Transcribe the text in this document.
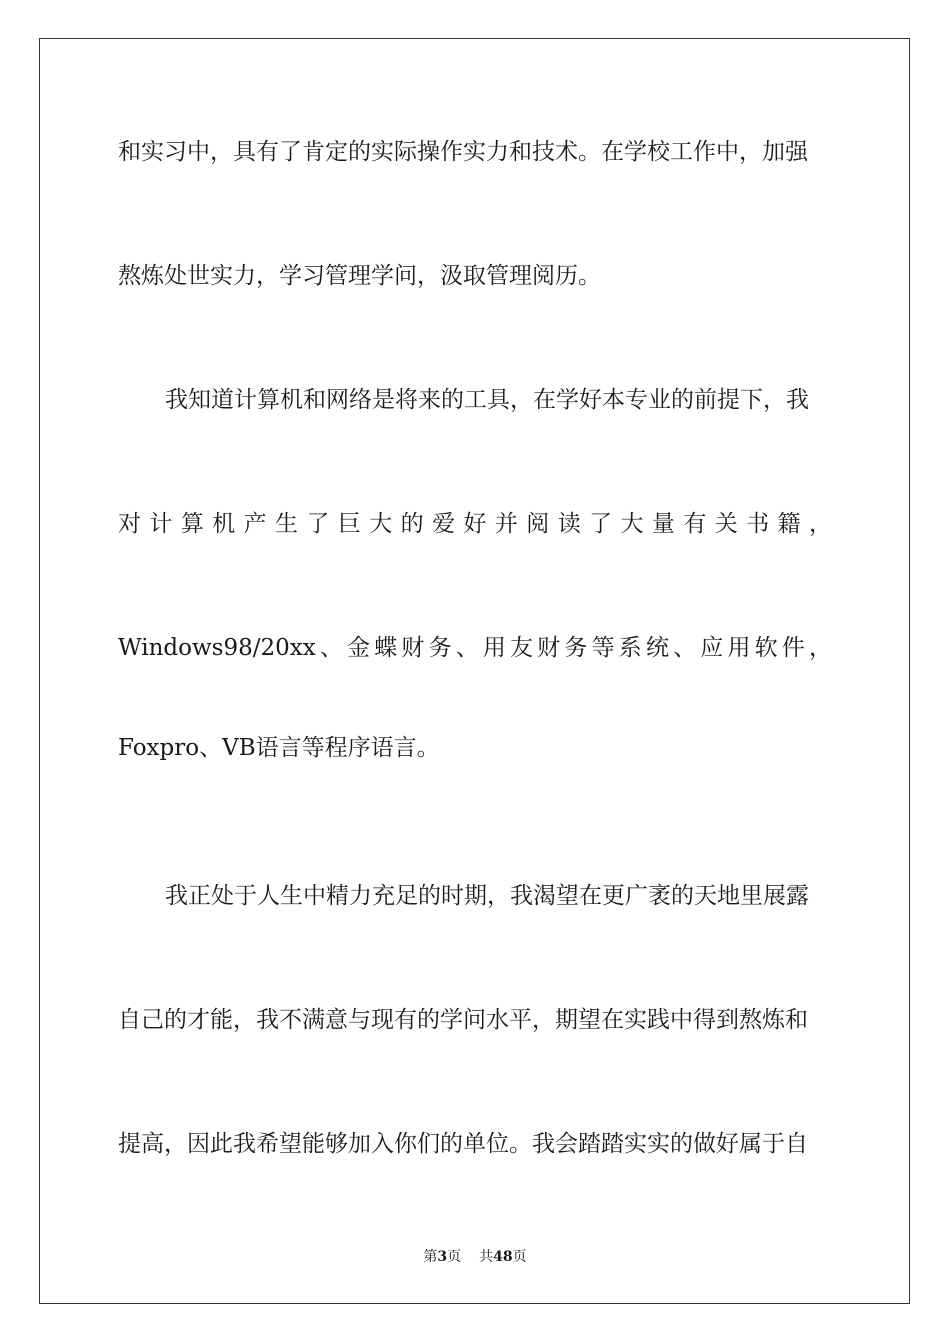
和实习中，具有了肯定的实际操作实力和技术。在学校工作中，加强
熬炼处世实力，学习管理学问，汲取管理阅历。
我知道计算机和网络是将来的工具，在学好本专业的前提下，我
对 计 算 机 产 生 了 巨 大 的 爱 好 并 阅 读 了 大 量 有 关 书 籍 ，
Windows98/20xx 、 金 蝶 财 务 、 用 友 财 务 等 系 统 、 应 用 软 件 ，
Foxpro、VB语言等程序语言。
我正处于人生中精力充足的时期，我渴望在更广袤的天地里展露
自己的才能，我不满意与现有的学问水平，期望在实践中得到熬炼和
提高，因此我希望能够加入你们的单位。我会踏踏实实的做好属于自
第3页 共48页
